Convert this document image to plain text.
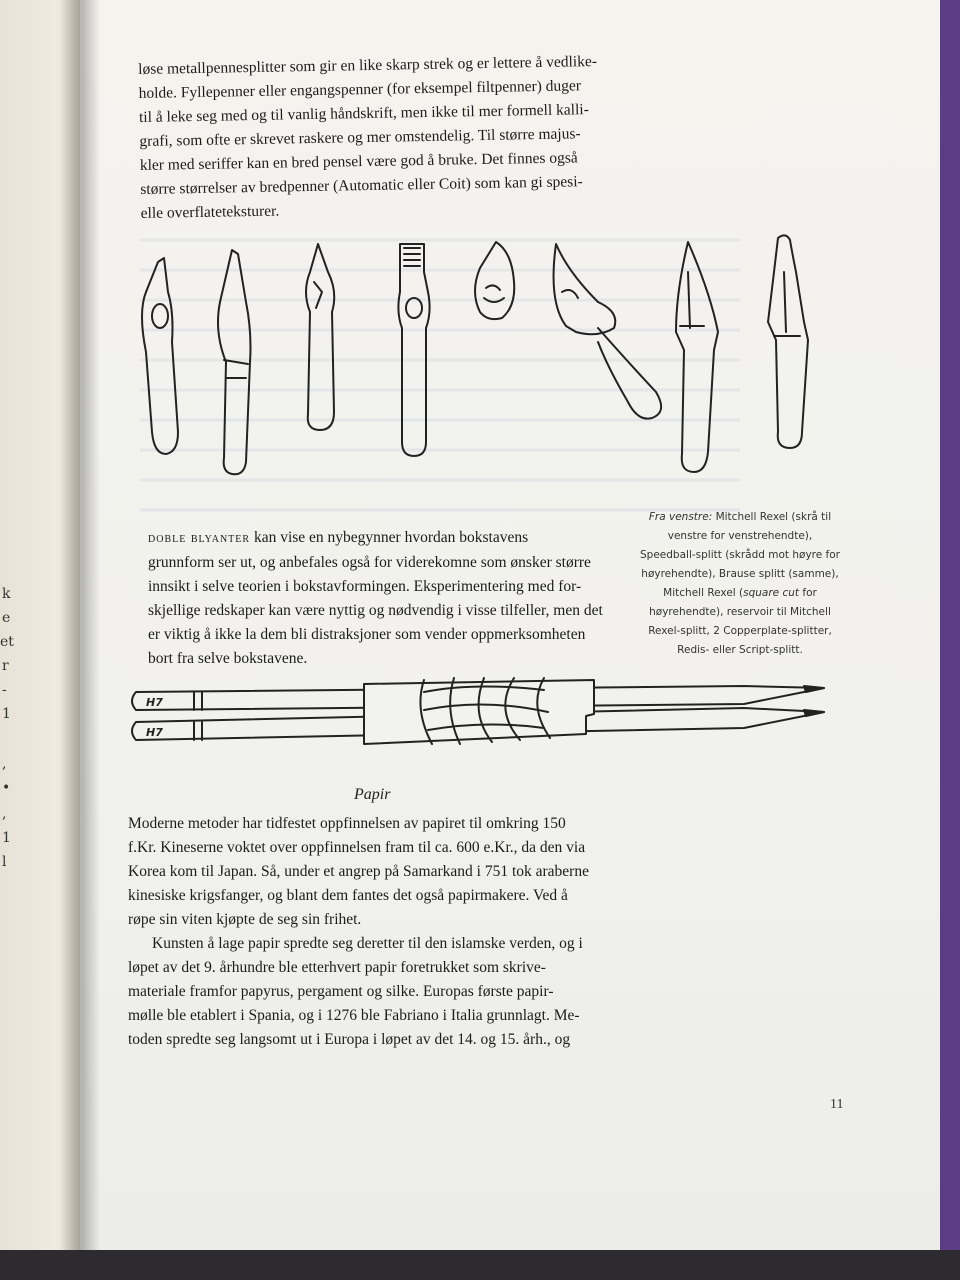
k
e
et
r
-
1
,
•
,
1
l

løse metallpennesplitter som gir en like skarp strek og er lettere å vedlike-

holde. Fyllepenner eller engangspenner (for eksempel filtpenner) duger

til å leke seg med og til vanlig håndskrift, men ikke til mer formell kalli-

grafi, som ofte er skrevet raskere og mer omstendelig. Til større majus-

kler med seriffer kan en bred pensel være god å bruke. Det finnes også

større størrelser av bredpenner (Automatic eller Coit) som kan gi spesi-

elle overflateteksturer.

Fra venstre: Mitchell Rexel (skrå til venstre for venstrehendte), Speedball-splitt (skrådd mot høyre for høyrehendte), Brause splitt (samme), Mitchell Rexel (square cut for høyrehendte), reservoir til Mitchell Rexel-splitt, 2 Copperplate-splitter, Redis- eller Script-splitt.

doble blyanter kan vise en nybegynner hvordan bokstavens

grunnform ser ut, og anbefales også for viderekomne som ønsker større

innsikt i selve teorien i bokstavformingen. Eksperimentering med for-

skjellige redskaper kan være nyttig og nødvendig i visse tilfeller, men det

er viktig å ikke la dem bli distraksjoner som vender oppmerksomheten

bort fra selve bokstavene.

H7
H7
Papir

Moderne metoder har tidfestet oppfinnelsen av papiret til omkring 150

f.Kr. Kineserne voktet over oppfinnelsen fram til ca. 600 e.Kr., da den via

Korea kom til Japan. Så, under et angrep på Samarkand i 751 tok araberne

kinesiske krigsfanger, og blant dem fantes det også papirmakere. Ved å

røpe sin viten kjøpte de seg sin frihet.

Kunsten å lage papir spredte seg deretter til den islamske verden, og i

løpet av det 9. århundre ble etterhvert papir foretrukket som skrive-

materiale framfor papyrus, pergament og silke. Europas første papir-

mølle ble etablert i Spania, og i 1276 ble Fabriano i Italia grunnlagt. Me-

toden spredte seg langsomt ut i Europa i løpet av det 14. og 15. årh., og

11
